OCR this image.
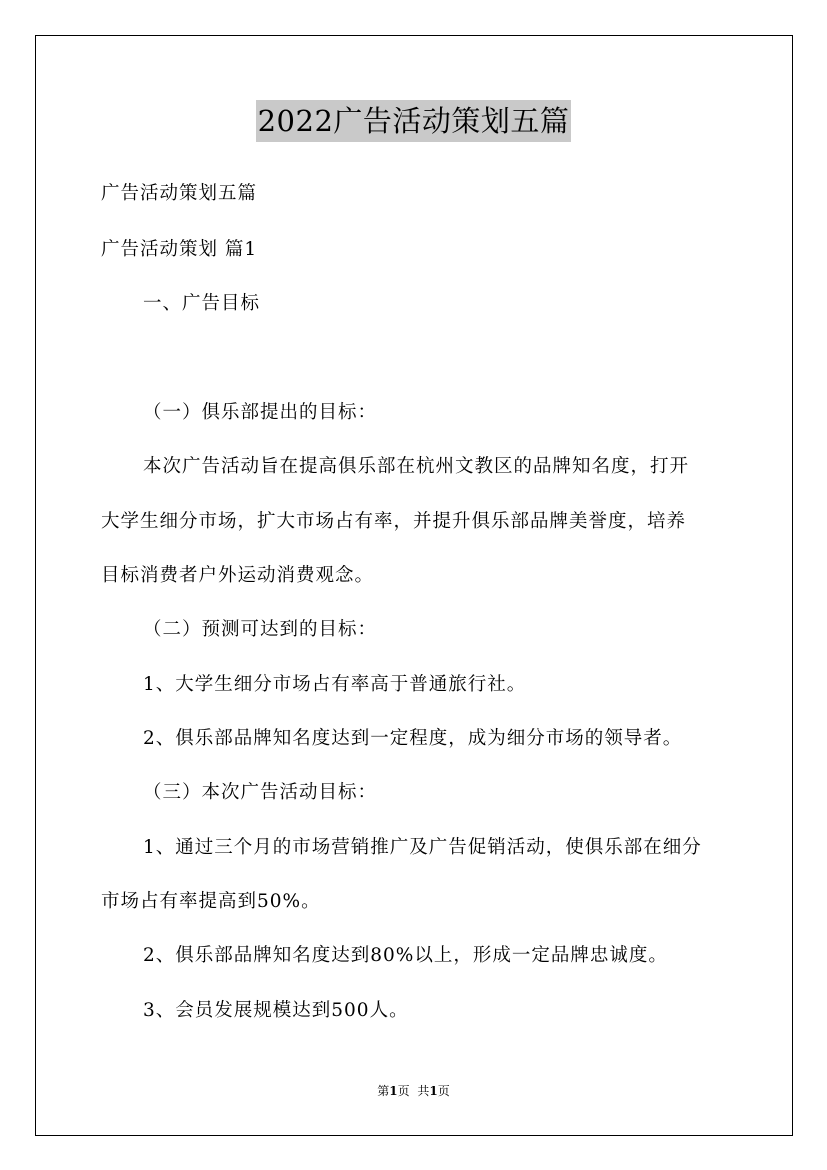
2022广告活动策划五篇
广告活动策划五篇
广告活动策划 篇1
一、广告目标
（一）俱乐部提出的目标：
本次广告活动旨在提高俱乐部在杭州文教区的品牌知名度，打开
大学生细分市场，扩大市场占有率，并提升俱乐部品牌美誉度，培养
目标消费者户外运动消费观念。
（二）预测可达到的目标：
1、大学生细分市场占有率高于普通旅行社。
2、俱乐部品牌知名度达到一定程度，成为细分市场的领导者。
（三）本次广告活动目标：
1、通过三个月的市场营销推广及广告促销活动，使俱乐部在细分
市场占有率提高到50%。
2、俱乐部品牌知名度达到80%以上，形成一定品牌忠诚度。
3、会员发展规模达到500人。
第1页 共1页
